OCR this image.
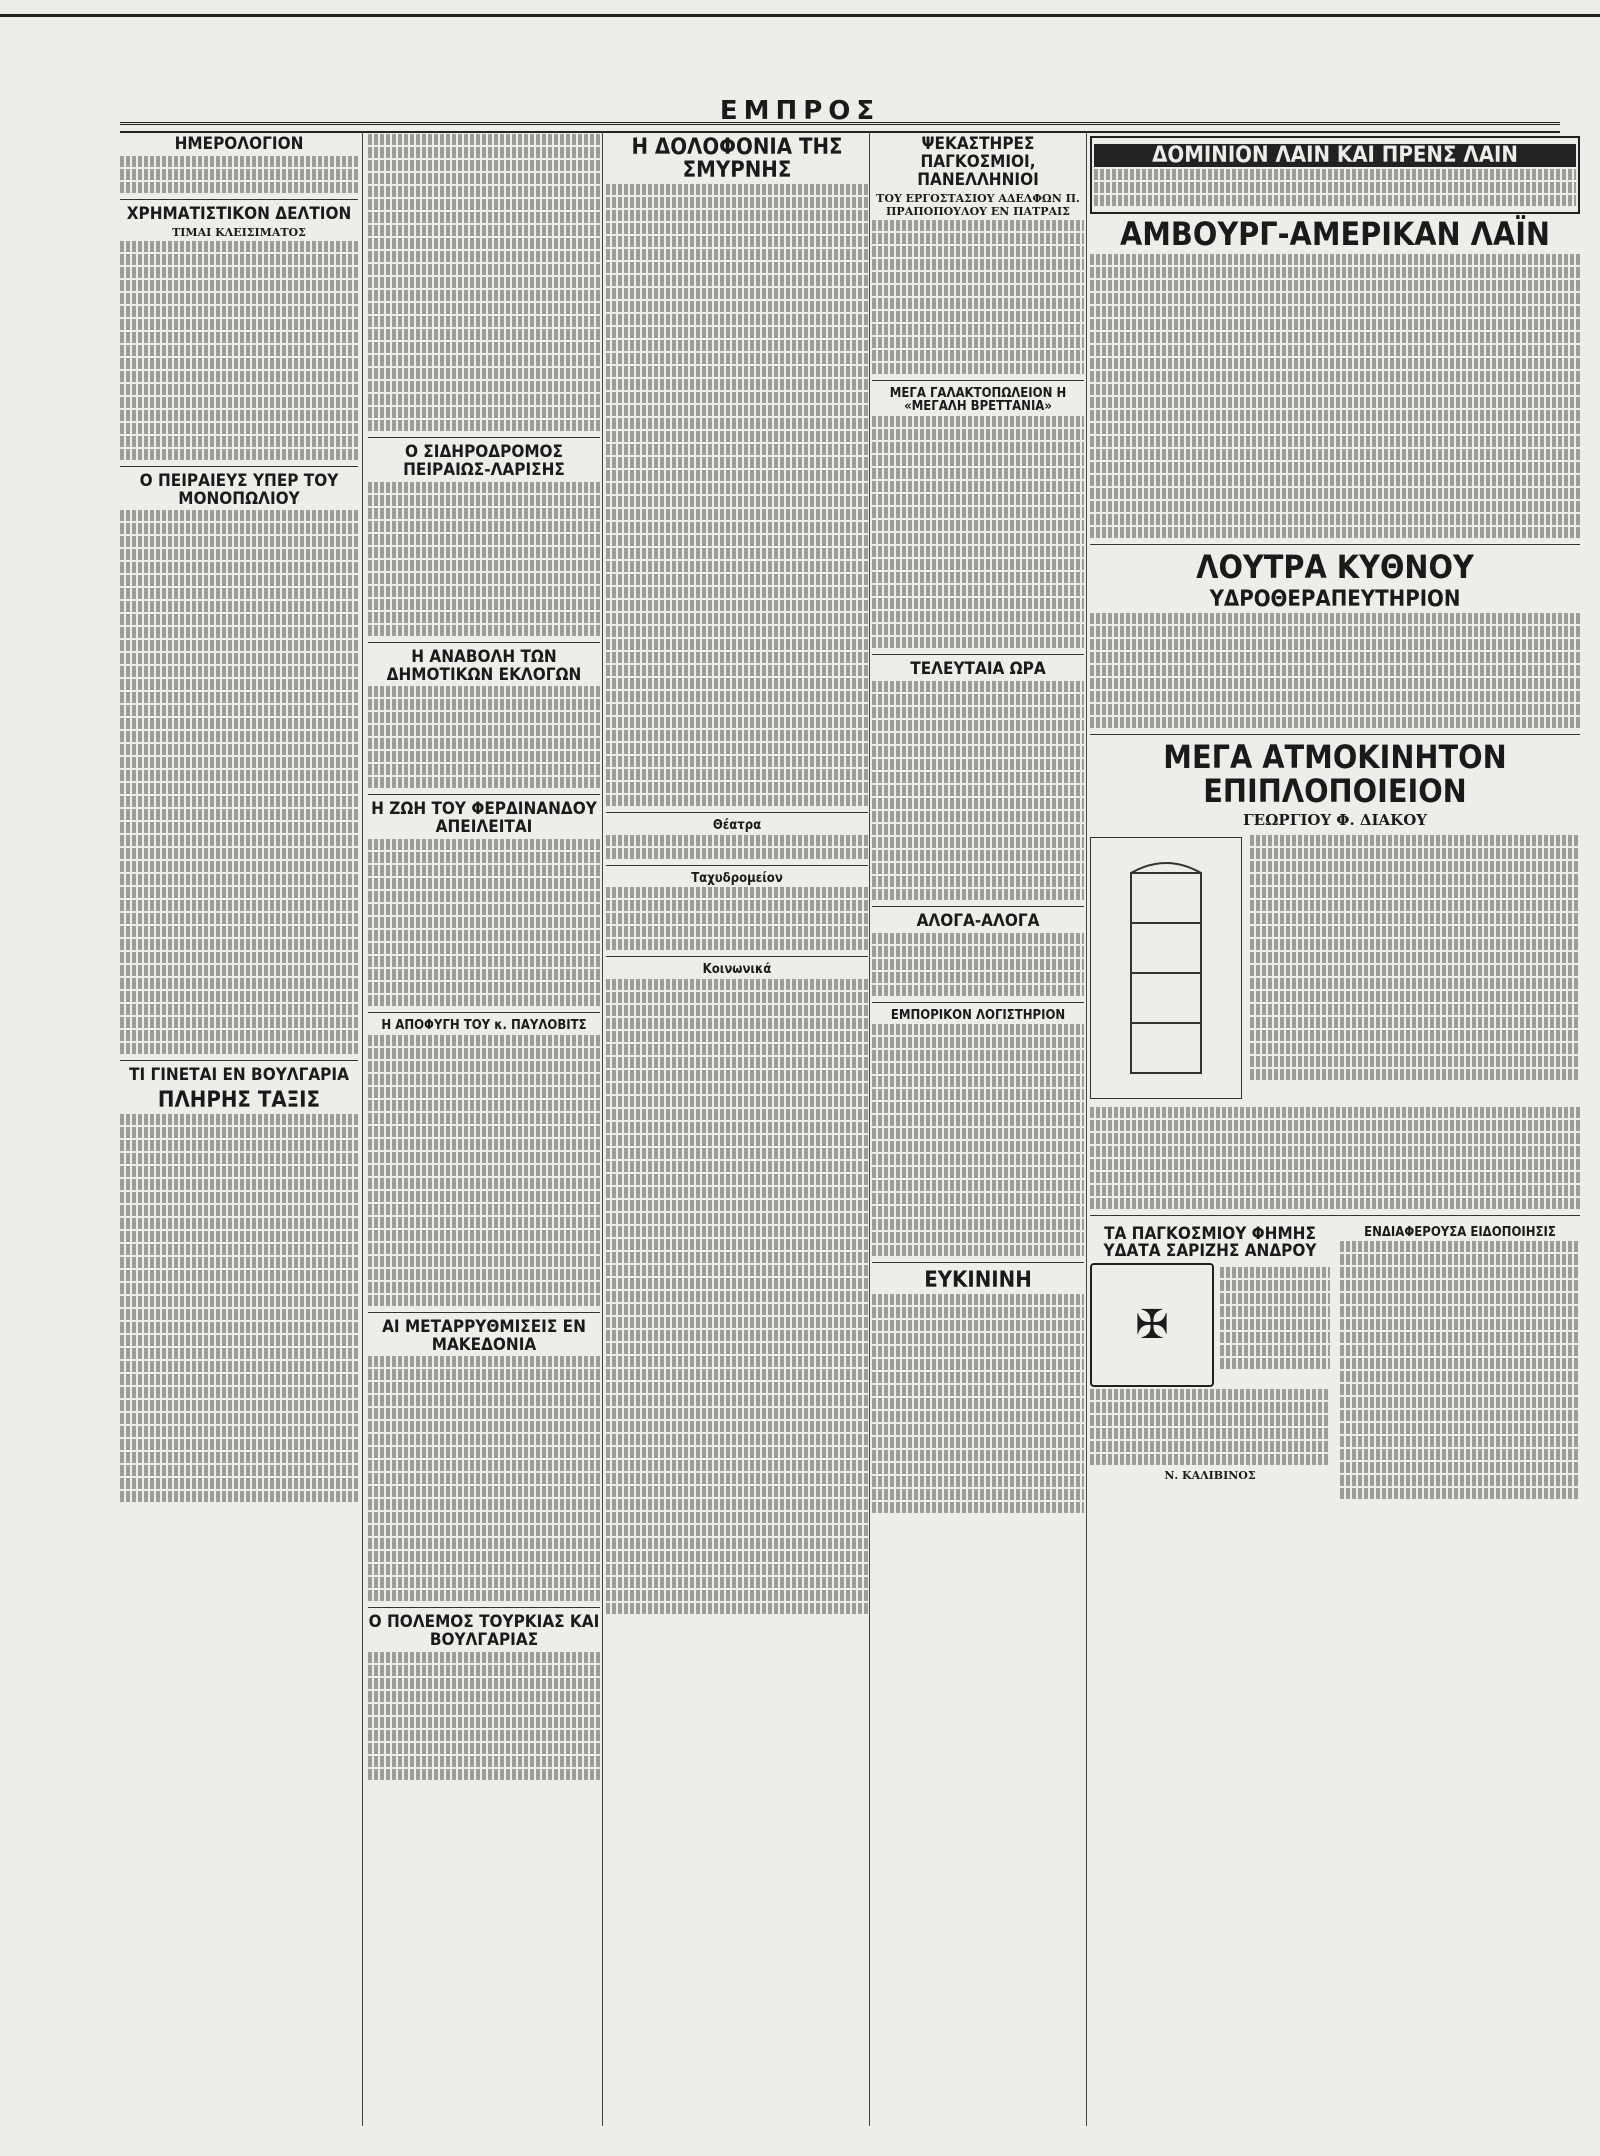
ΕΜΠΡΟΣ
ΗΜΕΡΟΛΟΓΙΟΝ
ΧΡΗΜΑΤΙΣΤΙΚΟΝ ΔΕΛΤΙΟΝ
ΤΙΜΑΙ ΚΛΕΙΣΙΜΑΤΟΣ
Ο ΠΕΙΡΑΙΕΥΣ ΥΠΕΡ ΤΟΥ ΜΟΝΟΠΩΛΙΟΥ
ΤΙ ΓΙΝΕΤΑΙ ΕΝ ΒΟΥΛΓΑΡΙΑ
ΠΛΗΡΗΣ ΤΑΞΙΣ
Ο ΣΙΔΗΡΟΔΡΟΜΟΣ ΠΕΙΡΑΙΩΣ-ΛΑΡΙΣΗΣ
Η ΑΝΑΒΟΛΗ ΤΩΝ ΔΗΜΟΤΙΚΩΝ ΕΚΛΟΓΩΝ
Η ΖΩΗ ΤΟΥ ΦΕΡΔΙΝΑΝΔΟΥ ΑΠΕΙΛΕΙΤΑΙ
Η ΑΠΟΦΥΓΗ ΤΟΥ κ. ΠΑΥΛΟΒΙΤΣ
ΑΙ ΜΕΤΑΡΡΥΘΜΙΣΕΙΣ ΕΝ ΜΑΚΕΔΟΝΙΑ
Ο ΠΟΛΕΜΟΣ ΤΟΥΡΚΙΑΣ ΚΑΙ ΒΟΥΛΓΑΡΙΑΣ
Η ΔΟΛΟΦΟΝΙΑ ΤΗΣ ΣΜΥΡΝΗΣ
Θέατρα
Ταχυδρομείον
Κοινωνικά
ΨΕΚΑΣΤΗΡΕΣ ΠΑΓΚΟΣΜΙΟΙ, ΠΑΝΕΛΛΗΝΙΟΙ
ΤΟΥ ΕΡΓΟΣΤΑΣΙΟΥ ΑΔΕΛΦΩΝ Π. ΠΡΑΠΟΠΟΥΛΟΥ ΕΝ ΠΑΤΡΑΙΣ
ΜΕΓΑ ΓΑΛΑΚΤΟΠΩΛΕΙΟΝ Η «ΜΕΓΑΛΗ ΒΡΕΤΤΑΝΙΑ»
ΤΕΛΕΥΤΑΙΑ ΩΡΑ
ΑΛΟΓΑ-ΑΛΟΓΑ
ΕΜΠΟΡΙΚΟΝ ΛΟΓΙΣΤΗΡΙΟΝ
ΕΥΚΙΝΙΝΗ
ΔΟΜΙΝΙΟΝ ΛΑΪΝ ΚΑΙ ΠΡΕΝΣ ΛΑΪΝ
ΑΜΒΟΥΡΓ-ΑΜΕΡΙΚΑΝ ΛΑΪΝ
ΛΟΥΤΡΑ ΚΥΘΝΟΥ
ΥΔΡΟΘΕΡΑΠΕΥΤΗΡΙΟΝ
ΜΕΓΑ ΑΤΜΟΚΙΝΗΤΟΝ ΕΠΙΠΛΟΠΟΙΕΙΟΝ
ΓΕΩΡΓΙΟΥ Φ. ΔΙΑΚΟΥ
ΤΑ ΠΑΓΚΟΣΜΙΟΥ ΦΗΜΗΣ ΥΔΑΤΑ ΣΑΡΙΖΗΣ ΑΝΔΡΟΥ
✠
Ν. ΚΑΛΙΒΙΝΟΣ
ΕΝΔΙΑΦΕΡΟΥΣΑ ΕΙΔΟΠΟΙΗΣΙΣ
